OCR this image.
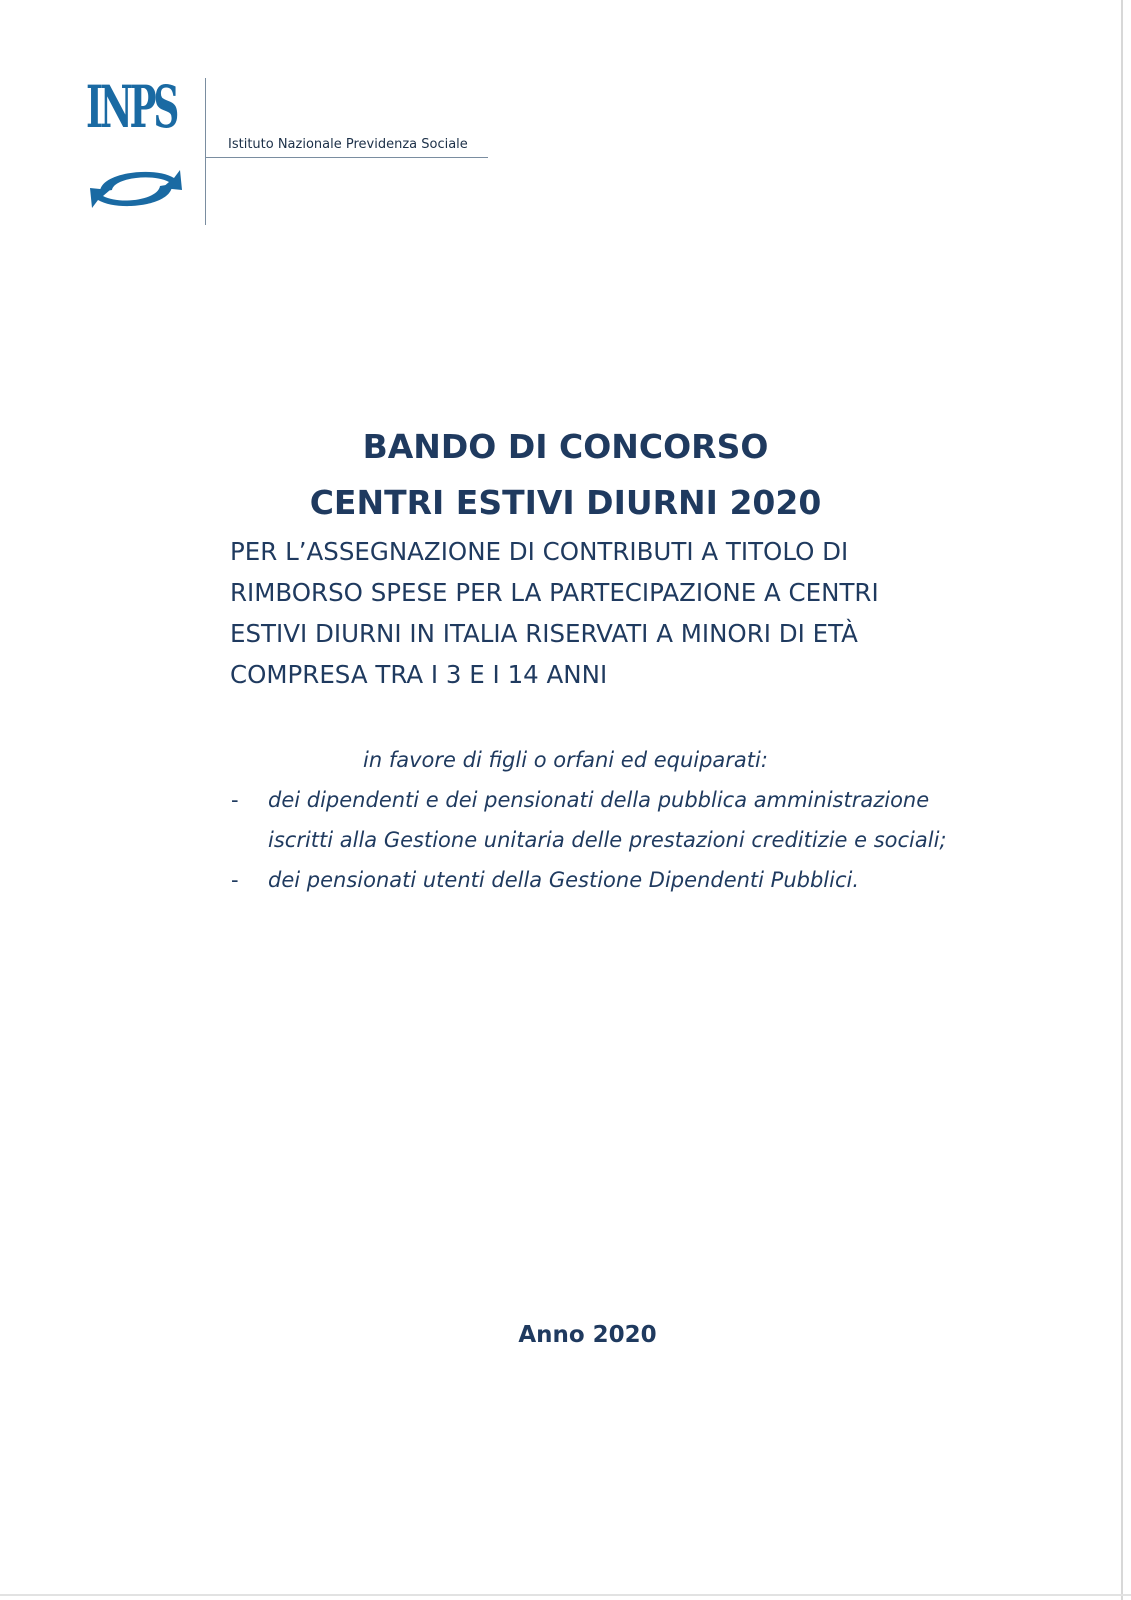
INPS
Istituto Nazionale Previdenza Sociale
BANDO DI CONCORSO
CENTRI ESTIVI DIURNI 2020

PER L’ASSEGNAZIONE DI CONTRIBUTI A TITOLO DI

RIMBORSO SPESE PER LA PARTECIPAZIONE A CENTRI

ESTIVI DIURNI IN ITALIA RISERVATI A MINORI DI ETÀ

COMPRESA TRA I 3 E I 14 ANNI

in favore di figli o orfani ed equiparati:
- dei dipendenti e dei pensionati della pubblica amministrazione
iscritti alla Gestione unitaria delle prestazioni creditizie e sociali;
- dei pensionati utenti della Gestione Dipendenti Pubblici.
Anno 2020
